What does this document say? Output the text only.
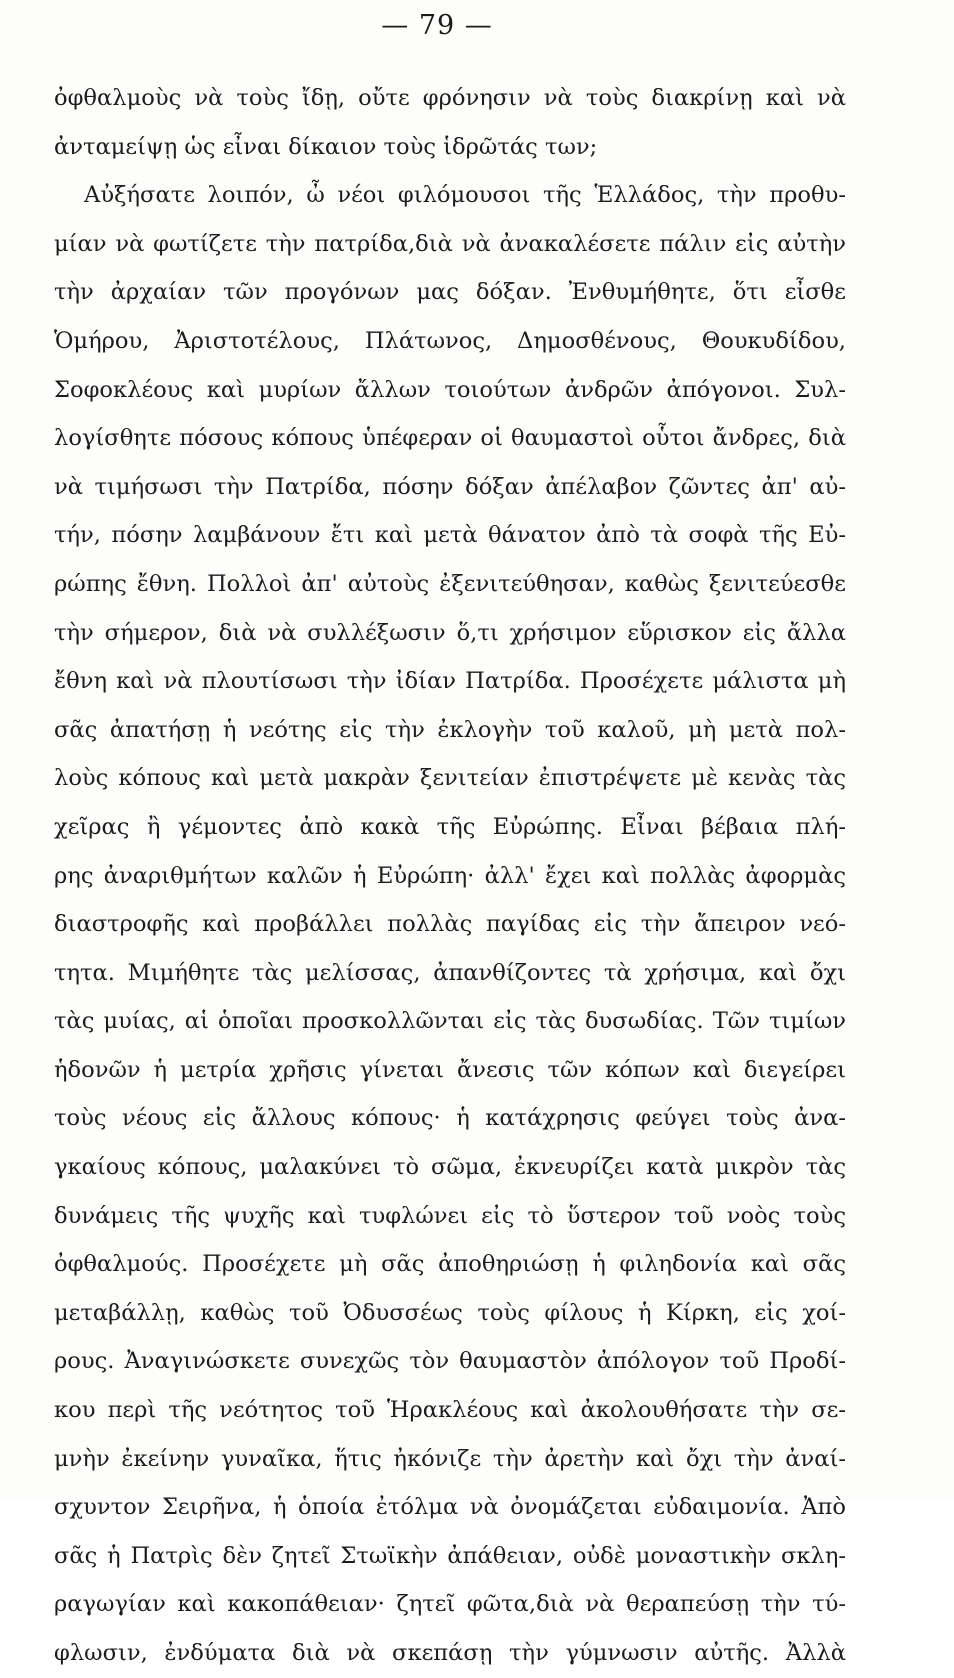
— 79 —
ὀφθαλμοὺς νὰ τοὺς ἴδῃ, οὔτε φρόνησιν νὰ τοὺς διακρίνῃ καὶ νὰ
ἀνταμείψῃ ὡς εἶναι δίκαιον τοὺς ἱδρῶτάς των;
Αὐξήσατε λοιπόν, ὦ νέοι φιλόμουσοι τῆς Ἑλλάδος, τὴν προθυ-
μίαν νὰ φωτίζετε τὴν πατρίδα,διὰ νὰ ἀνακαλέσετε πάλιν εἰς αὐτὴν
τὴν ἀρχαίαν τῶν προγόνων μας δόξαν. Ἐνθυμήθητε, ὅτι εἶσθε
Ὁμήρου, Ἀριστοτέλους, Πλάτωνος, Δημοσθένους, Θουκυδίδου,
Σοφοκλέους καὶ μυρίων ἄλλων τοιούτων ἀνδρῶν ἀπόγονοι. Συλ-
λογίσθητε πόσους κόπους ὑπέφεραν οἱ θαυμαστοὶ οὗτοι ἄνδρες, διὰ
νὰ τιμήσωσι τὴν Πατρίδα, πόσην δόξαν ἀπέλαβον ζῶντες ἀπ' αὐ-
τήν, πόσην λαμβάνουν ἔτι καὶ μετὰ θάνατον ἀπὸ τὰ σοφὰ τῆς Εὐ-
ρώπης ἔθνη. Πολλοὶ ἀπ' αὐτοὺς ἐξενιτεύθησαν, καθὼς ξενιτεύεσθε
τὴν σήμερον, διὰ νὰ συλλέξωσιν ὅ,τι χρήσιμον εὕρισκον εἰς ἄλλα
ἔθνη καὶ νὰ πλουτίσωσι τὴν ἰδίαν Πατρίδα. Προσέχετε μάλιστα μὴ
σᾶς ἀπατήσῃ ἡ νεότης εἰς τὴν ἐκλογὴν τοῦ καλοῦ, μὴ μετὰ πολ-
λοὺς κόπους καὶ μετὰ μακρὰν ξενιτείαν ἐπιστρέψετε μὲ κενὰς τὰς
χεῖρας ἢ γέμοντες ἀπὸ κακὰ τῆς Εὐρώπης. Εἶναι βέβαια πλή-
ρης ἀναριθμήτων καλῶν ἡ Εὐρώπη· ἀλλ' ἔχει καὶ πολλὰς ἀφορμὰς
διαστροφῆς καὶ προβάλλει πολλὰς παγίδας εἰς τὴν ἄπειρον νεό-
τητα. Μιμήθητε τὰς μελίσσας, ἀπανθίζοντες τὰ χρήσιμα, καὶ ὄχι
τὰς μυίας, αἱ ὁποῖαι προσκολλῶνται εἰς τὰς δυσωδίας. Τῶν τιμίων
ἡδονῶν ἡ μετρία χρῆσις γίνεται ἄνεσις τῶν κόπων καὶ διεγείρει
τοὺς νέους εἰς ἄλλους κόπους· ἡ κατάχρησις φεύγει τοὺς ἀνα-
γκαίους κόπους, μαλακύνει τὸ σῶμα, ἐκνευρίζει κατὰ μικρὸν τὰς
δυνάμεις τῆς ψυχῆς καὶ τυφλώνει εἰς τὸ ὕστερον τοῦ νοὸς τοὺς
ὀφθαλμούς. Προσέχετε μὴ σᾶς ἀποθηριώσῃ ἡ φιληδονία καὶ σᾶς
μεταβάλλῃ, καθὼς τοῦ Ὀδυσσέως τοὺς φίλους ἡ Κίρκη, εἰς χοί-
ρους. Ἀναγινώσκετε συνεχῶς τὸν θαυμαστὸν ἀπόλογον τοῦ Προδί-
κου περὶ τῆς νεότητος τοῦ Ἡρακλέους καὶ ἀκολουθήσατε τὴν σε-
μνὴν ἐκείνην γυναῖκα, ἥτις ἠκόνιζε τὴν ἀρετὴν καὶ ὄχι τὴν ἀναί-
σχυντον Σειρῆνα, ἡ ὁποία ἐτόλμα νὰ ὀνομάζεται εὐδαιμονία. Ἀπὸ
σᾶς ἡ Πατρὶς δὲν ζητεῖ Στωϊκὴν ἀπάθειαν, οὐδὲ μοναστικὴν σκλη-
ραγωγίαν καὶ κακοπάθειαν· ζητεῖ φῶτα,διὰ νὰ θεραπεύσῃ τὴν τύ-
φλωσιν, ἐνδύματα διὰ νὰ σκεπάσῃ τὴν γύμνωσιν αὐτῆς. Ἀλλὰ
